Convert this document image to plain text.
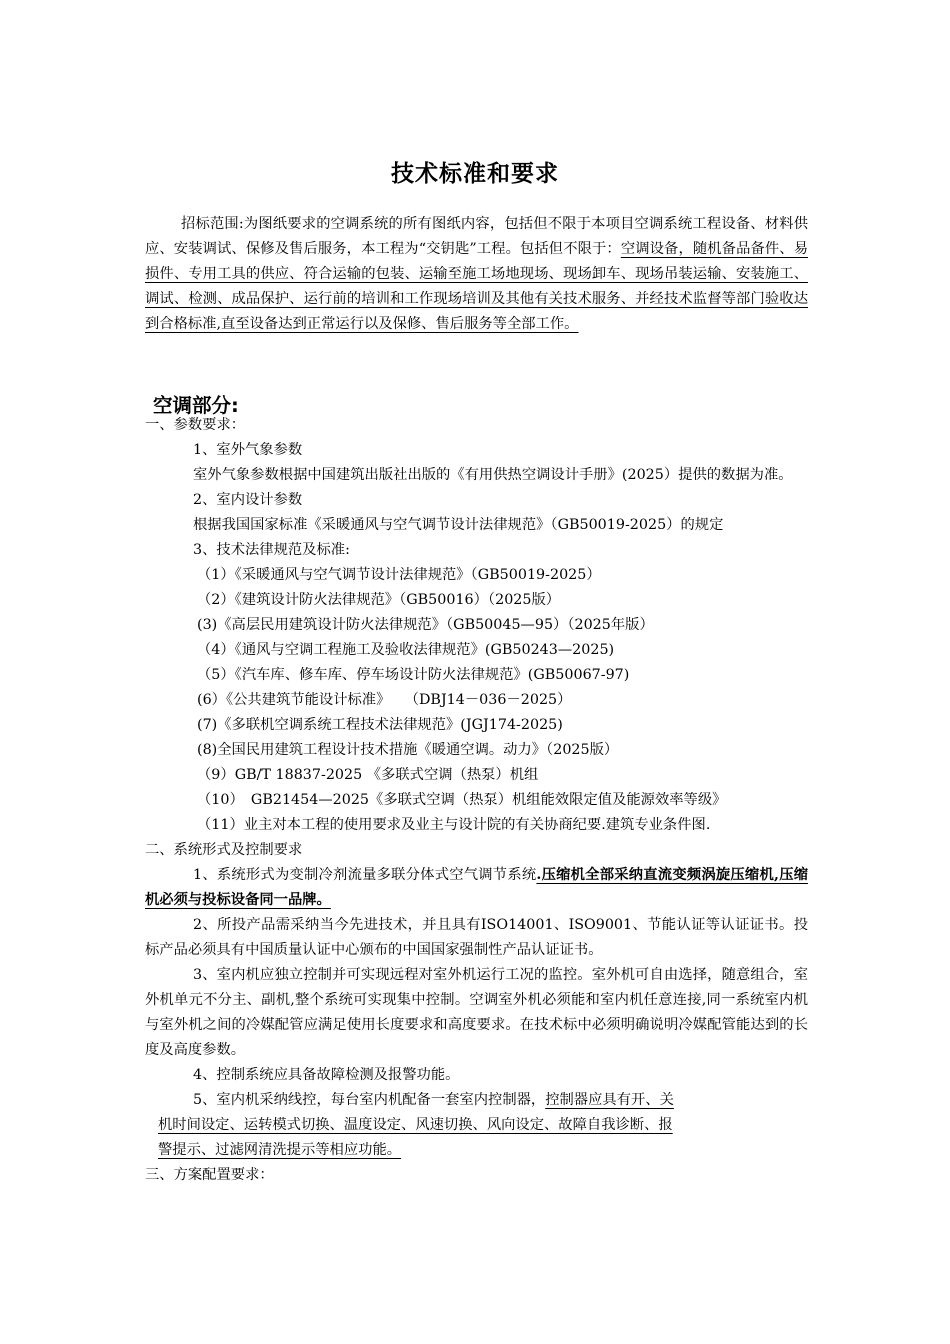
技术标准和要求

招标范围:为图纸要求的空调系统的所有图纸内容，包括但不限于本项目空调系统工程设备、材料供应、安装调试、保修及售后服务，本工程为“交钥匙”工程。包括但不限于：空调设备，随机备品备件、易损件、专用工具的供应、符合运输的包装、运输至施工场地现场、现场卸车、现场吊装运输、安装施工、调试、检测、成品保护、运行前的培训和工作现场培训及其他有关技术服务、并经技术监督等部门验收达到合格标准,直至设备达到正常运行以及保修、售后服务等全部工作。

空调部分:

一、参数要求：

1、室外气象参数

室外气象参数根据中国建筑出版社出版的《有用供热空调设计手册》(2025）提供的数据为准。

2、室内设计参数

根据我国国家标准《采暖通风与空气调节设计法律规范》（GB50019-2025）的规定

3、技术法律规范及标准:

（1）《采暖通风与空气调节设计法律规范》（GB50019-2025）

（2）《建筑设计防火法律规范》（GB50016）（2025版）

(3)《高层民用建筑设计防火法律规范》（GB50045—95）（2025年版）

（4）《通风与空调工程施工及验收法律规范》(GB50243—2025)

（5）《汽车库、修车库、停车场设计防火法律规范》(GB50067-97)

(6）《公共建筑节能设计标准》　　（DBJ14－036－2025）

(7)《多联机空调系统工程技术法律规范》(JGJ174-2025)

(8)全国民用建筑工程设计技术措施《暖通空调。动力》（2025版）

（9）GB/T 18837-2025 《多联式空调（热泵）机组

（10）　GB21454—2025《多联式空调（热泵）机组能效限定值及能源效率等级》

（11）业主对本工程的使用要求及业主与设计院的有关协商纪要.建筑专业条件图.

二、系统形式及控制要求

1、系统形式为变制冷剂流量多联分体式空气调节系统.压缩机全部采纳直流变频涡旋压缩机,压缩机必须与投标设备同一品牌。

2、所投产品需采纳当今先进技术，并且具有ISO14001、ISO9001、节能认证等认证证书。投标产品必须具有中国质量认证中心颁布的中国国家强制性产品认证证书。

3、室内机应独立控制并可实现远程对室外机运行工况的监控。室外机可自由选择，随意组合，室外机单元不分主、副机,整个系统可实现集中控制。空调室外机必须能和室内机任意连接,同一系统室内机与室外机之间的冷媒配管应满足使用长度要求和高度要求。在技术标中必须明确说明冷媒配管能达到的长度及高度参数。

4、控制系统应具备故障检测及报警功能。

5、室内机采纳线控，每台室内机配备一套室内控制器，控制器应具有开、关

机时间设定、运转模式切换、温度设定、风速切换、风向设定、故障自我诊断、报

警提示、过滤网清洗提示等相应功能。

三、方案配置要求：
